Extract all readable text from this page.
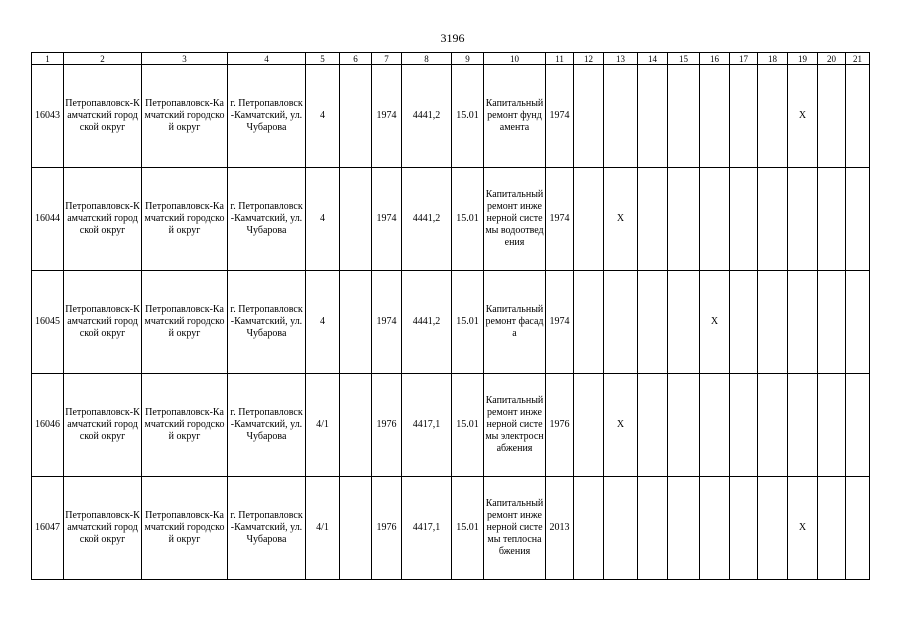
3196
1	2	3	4	5	6	7	8	9	10	11	12	13	14	15	16	17	18	19	20	21
16043	Петропавловск-Камчатский городской округ	Петропавловск-Камчатский городской округ	г. Петропавловск-Камчатский, ул. Чубарова	4		1974	4441,2	15.01	Капитальный ремонт фундамента	1974								X		
16044	Петропавловск-Камчатский городской округ	Петропавловск-Камчатский городской округ	г. Петропавловск-Камчатский, ул. Чубарова	4		1974	4441,2	15.01	Капитальный ремонт инженерной системы водоотведения	1974		X								
16045	Петропавловск-Камчатский городской округ	Петропавловск-Камчатский городской округ	г. Петропавловск-Камчатский, ул. Чубарова	4		1974	4441,2	15.01	Капитальный ремонт фасада	1974					X					
16046	Петропавловск-Камчатский городской округ	Петропавловск-Камчатский городской округ	г. Петропавловск-Камчатский, ул. Чубарова	4/1		1976	4417,1	15.01	Капитальный ремонт инженерной системы электроснабжения	1976		X								
16047	Петропавловск-Камчатский городской округ	Петропавловск-Камчатский городской округ	г. Петропавловск-Камчатский, ул. Чубарова	4/1		1976	4417,1	15.01	Капитальный ремонт инженерной системы теплоснабжения	2013								X		
